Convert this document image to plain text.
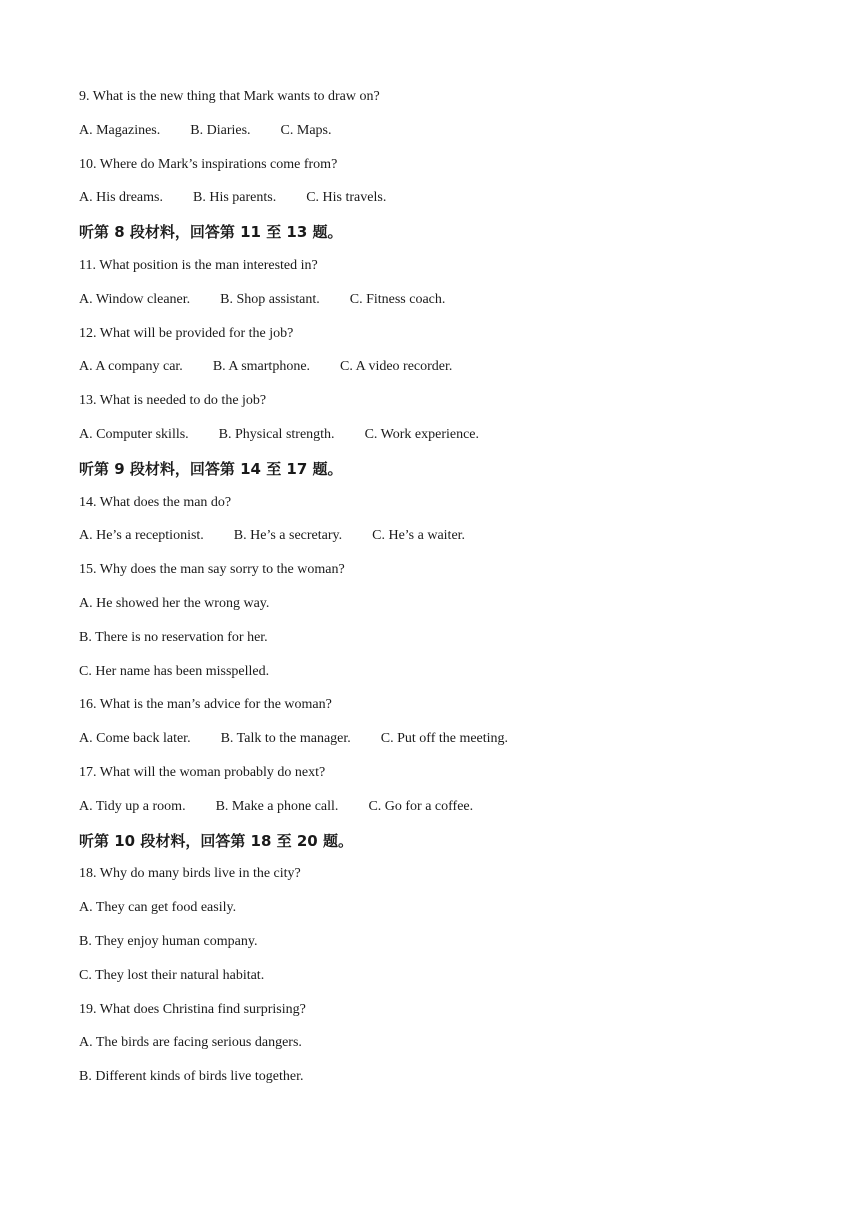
9. What is the new thing that Mark wants to draw on?
A. Magazines. B. Diaries. C. Maps.
10. Where do Mark’s inspirations come from?
A. His dreams. B. His parents. C. His travels.
听第 8 段材料，回答第 11 至 13 题。
11. What position is the man interested in?
A. Window cleaner. B. Shop assistant. C. Fitness coach.
12. What will be provided for the job?
A. A company car. B. A smartphone. C. A video recorder.
13. What is needed to do the job?
A. Computer skills. B. Physical strength. C. Work experience.
听第 9 段材料，回答第 14 至 17 题。
14. What does the man do?
A. He’s a receptionist. B. He’s a secretary. C. He’s a waiter.
15. Why does the man say sorry to the woman?
A. He showed her the wrong way.
B. There is no reservation for her.
C. Her name has been misspelled.
16. What is the man’s advice for the woman?
A. Come back later. B. Talk to the manager. C. Put off the meeting.
17. What will the woman probably do next?
A. Tidy up a room. B. Make a phone call. C. Go for a coffee.
听第 10 段材料，回答第 18 至 20 题。
18. Why do many birds live in the city?
A. They can get food easily.
B. They enjoy human company.
C. They lost their natural habitat.
19. What does Christina find surprising?
A. The birds are facing serious dangers.
B. Different kinds of birds live together.
